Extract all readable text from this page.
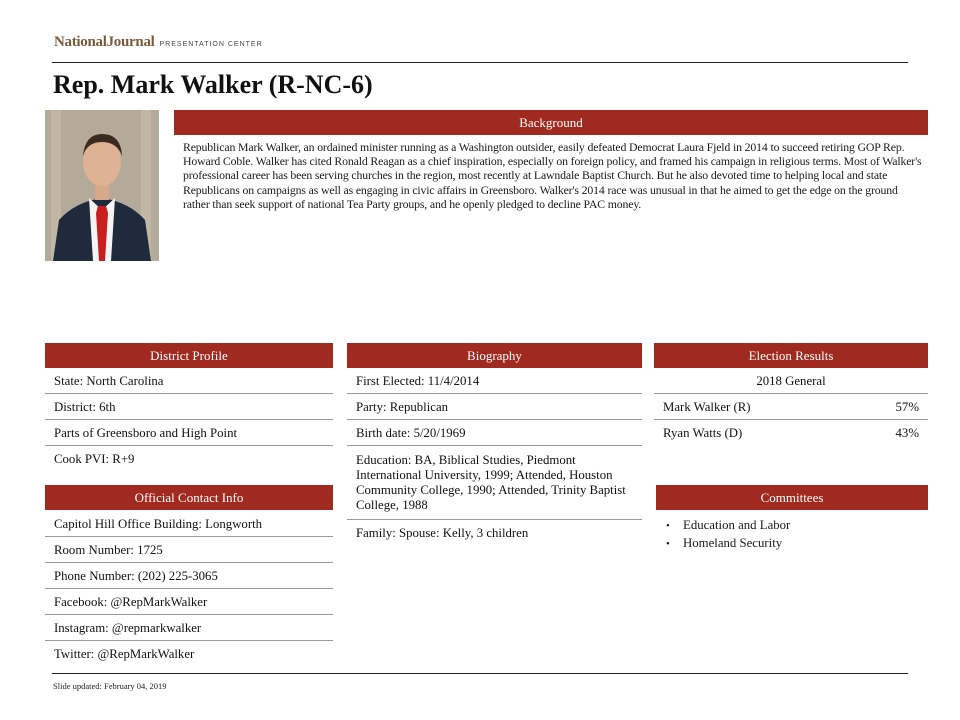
NationalJournal PRESENTATION CENTER
Rep. Mark Walker (R-NC-6)
Background
Republican Mark Walker, an ordained minister running as a Washington outsider, easily defeated Democrat Laura Fjeld in 2014 to succeed retiring GOP Rep. Howard Coble. Walker has cited Ronald Reagan as a chief inspiration, especially on foreign policy, and framed his campaign in religious terms. Most of Walker's professional career has been serving churches in the region, most recently at Lawndale Baptist Church. But he also devoted time to helping local and state Republicans on campaigns as well as engaging in civic affairs in Greensboro. Walker's 2014 race was unusual in that he aimed to get the edge on the ground rather than seek support of national Tea Party groups, and he openly pledged to decline PAC money.
District Profile
State: North Carolina
District: 6th
Parts of Greensboro and High Point
Cook PVI: R+9
Official Contact Info
Capitol Hill Office Building: Longworth
Room Number: 1725
Phone Number: (202) 225-3065
Facebook: @RepMarkWalker
Instagram: @repmarkwalker
Twitter: @RepMarkWalker
Biography
First Elected: 11/4/2014
Party: Republican
Birth date: 5/20/1969
Education: BA, Biblical Studies, Piedmont International University, 1999; Attended, Houston Community College, 1990; Attended, Trinity Baptist College, 1988
Family: Spouse: Kelly, 3 children
Election Results
2018 General
Mark Walker (R)	57%
Ryan Watts (D)	43%
Committees
• Education and Labor
• Homeland Security
Slide updated: February 04, 2019
